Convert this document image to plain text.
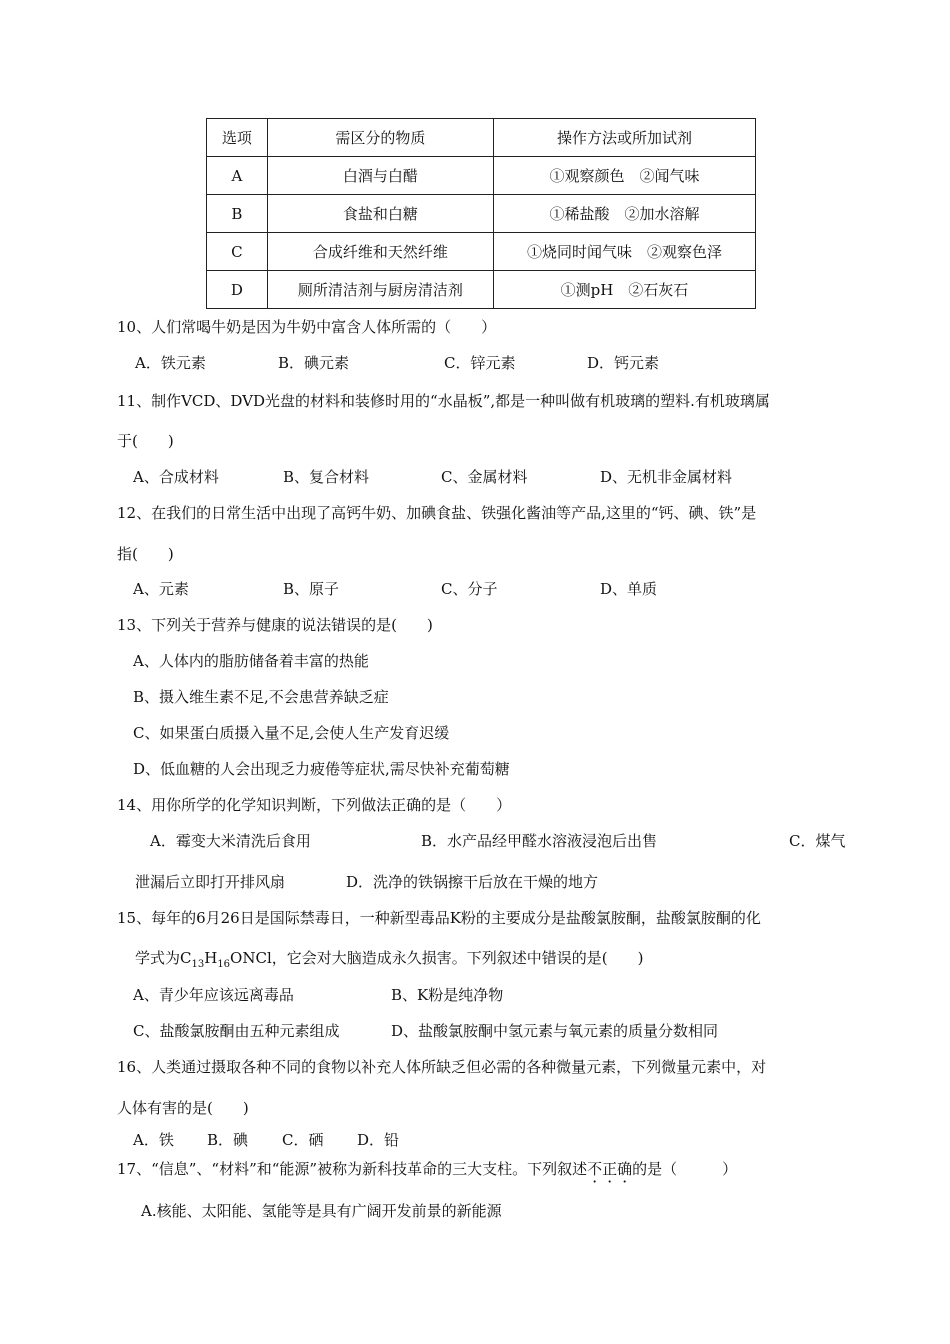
选项	需区分的物质	操作方法或所加试剂
A	白酒与白醋	①观察颜色　②闻气味
B	食盐和白糖	①稀盐酸　②加水溶解
C	合成纤维和天然纤维	①烧同时闻气味　②观察色泽
D	厕所清洁剂与厨房清洁剂	①测pH　②石灰石
10、人们常喝牛奶是因为牛奶中富含人体所需的（　　）
A．铁元素	B．碘元素	C．锌元素	D．钙元素
11、制作VCD、DVD光盘的材料和装修时用的“水晶板”,都是一种叫做有机玻璃的塑料.有机玻璃属
于(　　)
A、合成材料	B、复合材料	C、金属材料	D、无机非金属材料
12、在我们的日常生活中出现了高钙牛奶、加碘食盐、铁强化酱油等产品,这里的“钙、碘、铁”是
指(　　)
A、元素	B、原子	C、分子	D、单质
13、下列关于营养与健康的说法错误的是(　　)
A、人体内的脂肪储备着丰富的热能
B、摄入维生素不足,不会患营养缺乏症
C、如果蛋白质摄入量不足,会使人生产发育迟缓
D、低血糖的人会出现乏力疲倦等症状,需尽快补充葡萄糖
14、用你所学的化学知识判断，下列做法正确的是（　　）
A．霉变大米清洗后食用	B．水产品经甲醛水溶液浸泡后出售	C．煤气
泄漏后立即打开排风扇	D．洗净的铁锅擦干后放在干燥的地方
15、每年的6月26日是国际禁毒日，一种新型毒品K粉的主要成分是盐酸氯胺酮，盐酸氯胺酮的化
学式为$C_{13}H_{16}ONCl$，它会对大脑造成永久损害。下列叙述中错误的是(　　)
A、青少年应该远离毒品	B、K粉是纯净物
C、盐酸氯胺酮由五种元素组成	D、盐酸氯胺酮中氢元素与氧元素的质量分数相同
16、人类通过摄取各种不同的食物以补充人体所缺乏但必需的各种微量元素，下列微量元素中，对
人体有害的是(　　)
A．铁 B．碘 C．硒 D．铅
17、“信息”、“材料”和“能源”被称为新科技革命的三大支柱。下列叙述不正确的是（　　　）
A.核能、太阳能、氢能等是具有广阔开发前景的新能源
